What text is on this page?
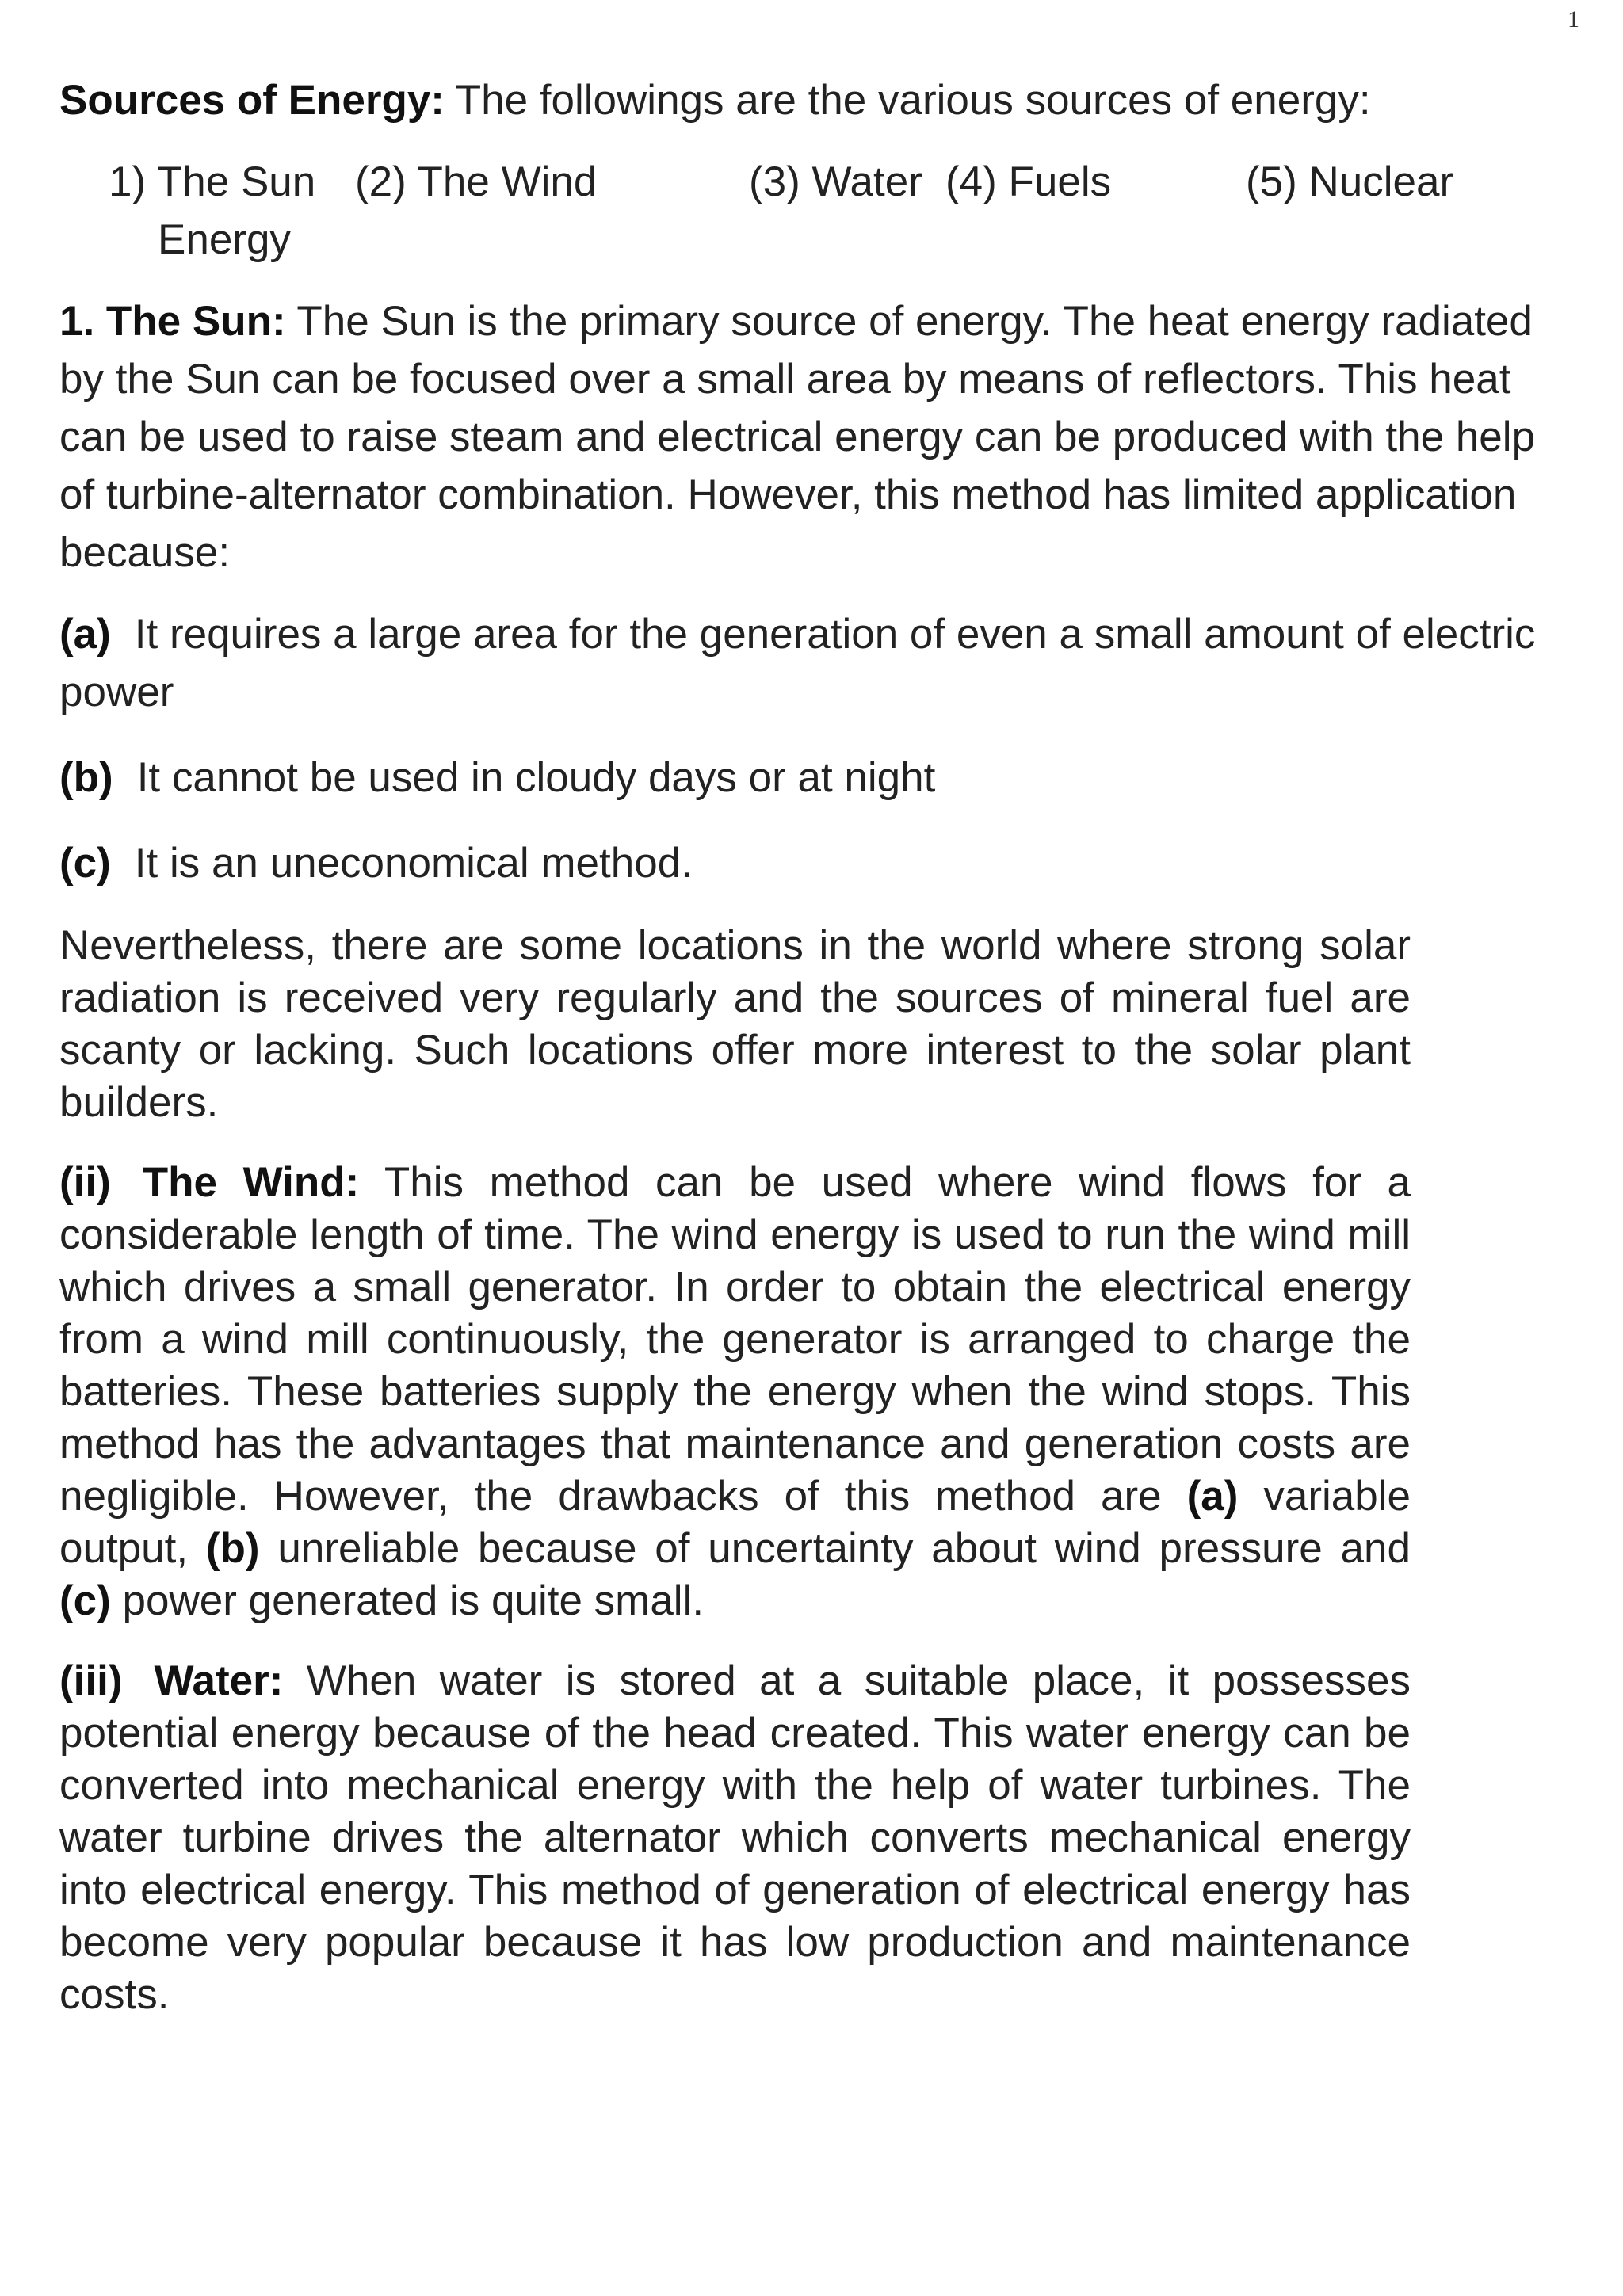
1

Sources of Energy: The followings are the various sources of energy:

1) The Sun (2) The Wind	(3) Water (4) Fuels	(5) Nuclear
Energy

1. The Sun: The Sun is the primary source of energy. The heat energy radiated by the Sun can be focused over a small area by means of reflectors. This heat can be used to raise steam and electrical energy can be produced with the help of turbine-alternator combination. However, this method has limited application because:

(a) It requires a large area for the generation of even a small amount of electric power

(b) It cannot be used in cloudy days or at night

(c) It is an uneconomical method.

Nevertheless, there are some locations in the world where strong solar radiation is received very regularly and the sources of mineral fuel are scanty or lacking. Such locations offer more interest to the solar plant builders.

(ii) The Wind: This method can be used where wind flows for a considerable length of time. The wind energy is used to run the wind mill which drives a small generator. In order to obtain the electrical energy from a wind mill continuously, the generator is arranged to charge the batteries. These batteries supply the energy when the wind stops. This method has the advantages that maintenance and generation costs are negligible. However, the drawbacks of this method are (a) variable output, (b) unreliable because of uncertainty about wind pressure and (c) power generated is quite small.

(iii) Water: When water is stored at a suitable place, it possesses potential energy because of the head created. This water energy can be converted into mechanical energy with the help of water turbines. The water turbine drives the alternator which converts mechanical energy into electrical energy. This method of generation of electrical energy has become very popular because it has low production and maintenance costs.
